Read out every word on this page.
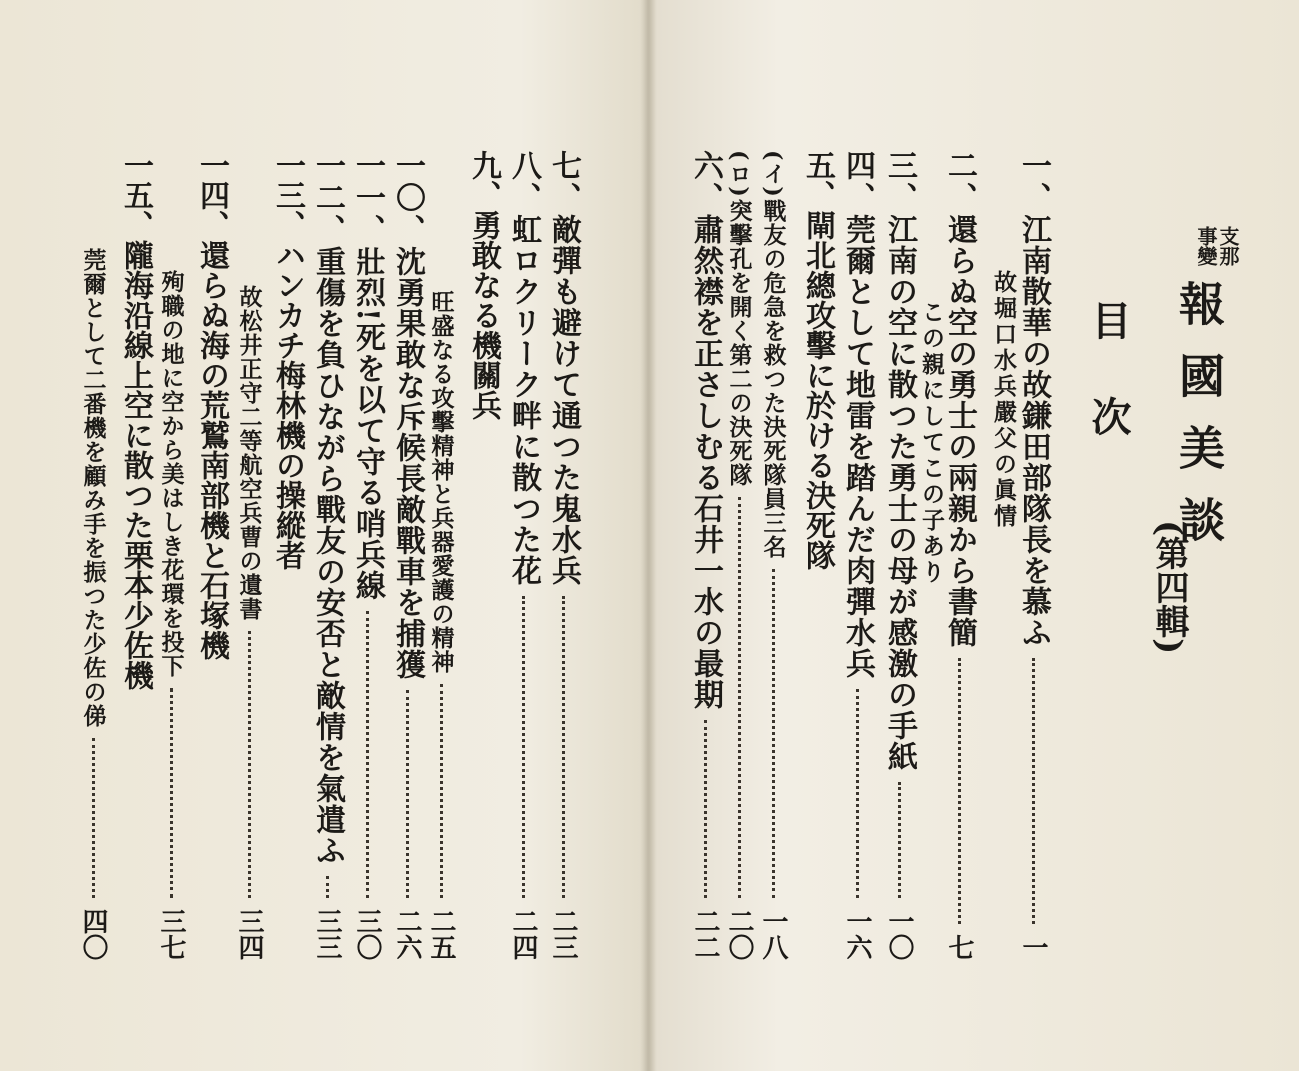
支那
事變
報國美談
(第四輯)
目次
一、
江南散華の故鎌田部隊長を慕ふ
一
故堀口水兵嚴父の眞情
二、
還らぬ空の勇士の兩親から書簡
七
この親にしてこの子あり
三、
江南の空に散つた勇士の母が感激の手紙
一〇
四、
莞爾として地雷を踏んだ肉彈水兵
一六
五、閘北總攻擊に於ける決死隊
(イ)
戰友の危急を救つた決死隊員三名
一八
(ロ)
突擊孔を開く第二の決死隊
二〇
六、
肅然襟を正さしむる石井一水の最期
二二
七、
敵彈も避けて通つた鬼水兵
二三
八、
虹ロクリーク畔に散つた花
二四
九、勇敢なる機關兵
旺盛なる攻擊精神と兵器愛護の精神
二五
一〇、
沈勇果敢な斥候長敵戰車を捕獲
二六
一一、
壯烈!死を以て守る哨兵線
三〇
一二、
重傷を負ひながら戰友の安否と敵情を氣遣ふ
三三
一三、ハンカチ梅林機の操縱者
故松井正守二等航空兵曹の遺書
三四
一四、還らぬ海の荒鷲南部機と石塚機
殉職の地に空から美はしき花環を投下
三七
一五、隴海沿線上空に散つた栗本少佐機
莞爾として二番機を顧み手を振つた少佐の俤
四〇
